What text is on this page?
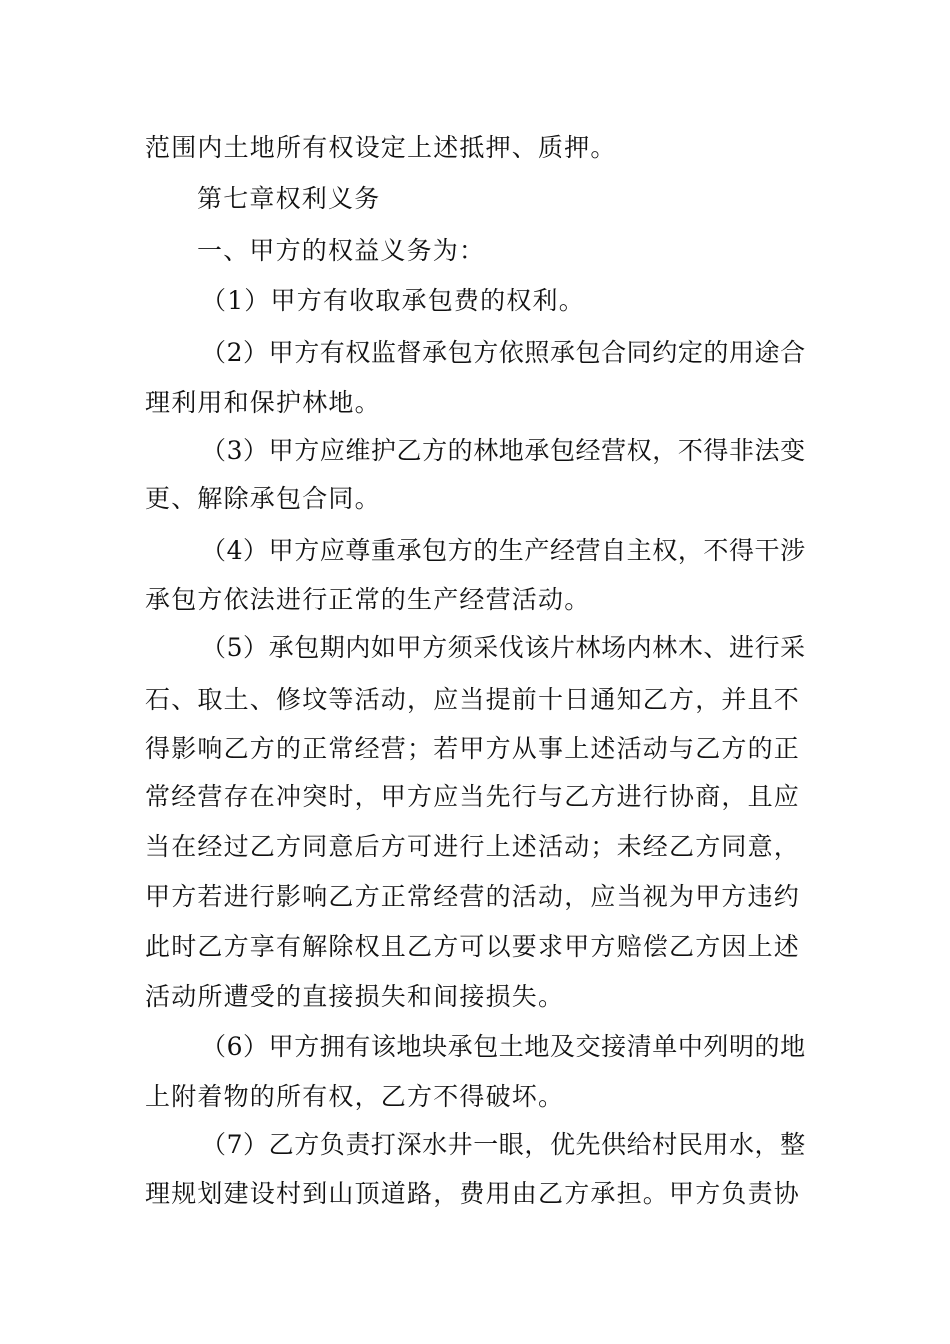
范围内土地所有权设定上述抵押、质押。
第七章权利义务
一、甲方的权益义务为：
（1）甲方有收取承包费的权利。
（2）甲方有权监督承包方依照承包合同约定的用途合
理利用和保护林地。
（3）甲方应维护乙方的林地承包经营权，不得非法变
更、解除承包合同。
（4）甲方应尊重承包方的生产经营自主权，不得干涉
承包方依法进行正常的生产经营活动。
（5）承包期内如甲方须采伐该片林场内林木、进行采
石、取土、修坟等活动，应当提前十日通知乙方，并且不
得影响乙方的正常经营；若甲方从事上述活动与乙方的正
常经营存在冲突时，甲方应当先行与乙方进行协商，且应
当在经过乙方同意后方可进行上述活动；未经乙方同意，
甲方若进行影响乙方正常经营的活动，应当视为甲方违约
此时乙方享有解除权且乙方可以要求甲方赔偿乙方因上述
活动所遭受的直接损失和间接损失。
（6）甲方拥有该地块承包土地及交接清单中列明的地
上附着物的所有权，乙方不得破坏。
（7）乙方负责打深水井一眼，优先供给村民用水，整
理规划建设村到山顶道路，费用由乙方承担。甲方负责协
